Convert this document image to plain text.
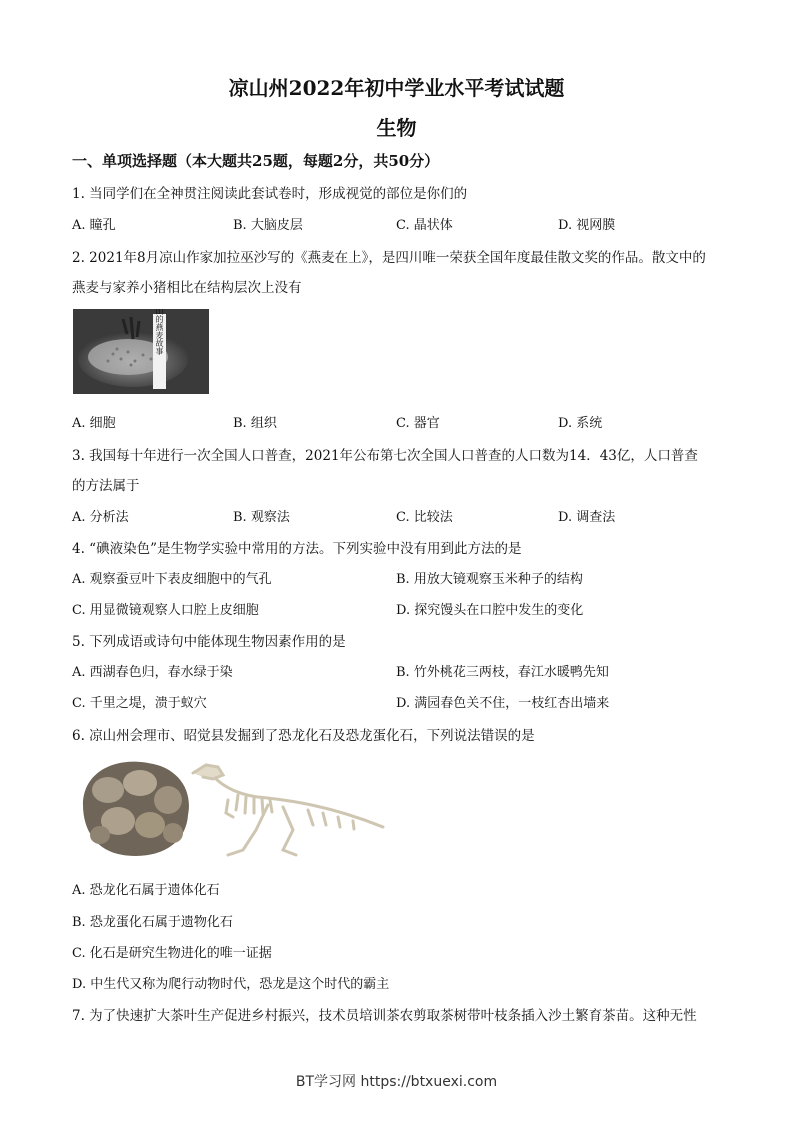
凉山州2022年初中学业水平考试试题
生物
一、单项选择题（本大题共25题，每题2分，共50分）
1. 当同学们在全神贯注阅读此套试卷时，形成视觉的部位是你们的
A. 瞳孔	B. 大脑皮层	C. 晶状体	D. 视网膜
2. 2021年8月凉山作家加拉巫沙写的《燕麦在上》，是四川唯一荣获全国年度最佳散文奖的作品。散文中的
燕麦与家养小猪相比在结构层次上没有
大凉山的燕麦故事
A. 细胞	B. 组织	C. 器官	D. 系统
3. 我国每十年进行一次全国人口普查，2021年公布第七次全国人口普查的人口数为14．43亿，人口普查
的方法属于
A. 分析法	B. 观察法	C. 比较法	D. 调查法
4. “碘液染色”是生物学实验中常用的方法。下列实验中没有用到此方法的是
A. 观察蚕豆叶下表皮细胞中的气孔	B. 用放大镜观察玉米种子的结构
C. 用显微镜观察人口腔上皮细胞	D. 探究馒头在口腔中发生的变化
5. 下列成语或诗句中能体现生物因素作用的是
A. 西湖春色归，春水绿于染	B. 竹外桃花三两枝，春江水暖鸭先知
C. 千里之堤，溃于蚁穴	D. 满园春色关不住，一枝红杏出墙来
6. 凉山州会理市、昭觉县发掘到了恐龙化石及恐龙蛋化石，下列说法错误的是
A. 恐龙化石属于遗体化石
B. 恐龙蛋化石属于遗物化石
C. 化石是研究生物进化的唯一证据
D. 中生代又称为爬行动物时代，恐龙是这个时代的霸主
7. 为了快速扩大茶叶生产促进乡村振兴，技术员培训茶农剪取茶树带叶枝条插入沙土繁育茶苗。这种无性
BT学习网 https://btxuexi.com
